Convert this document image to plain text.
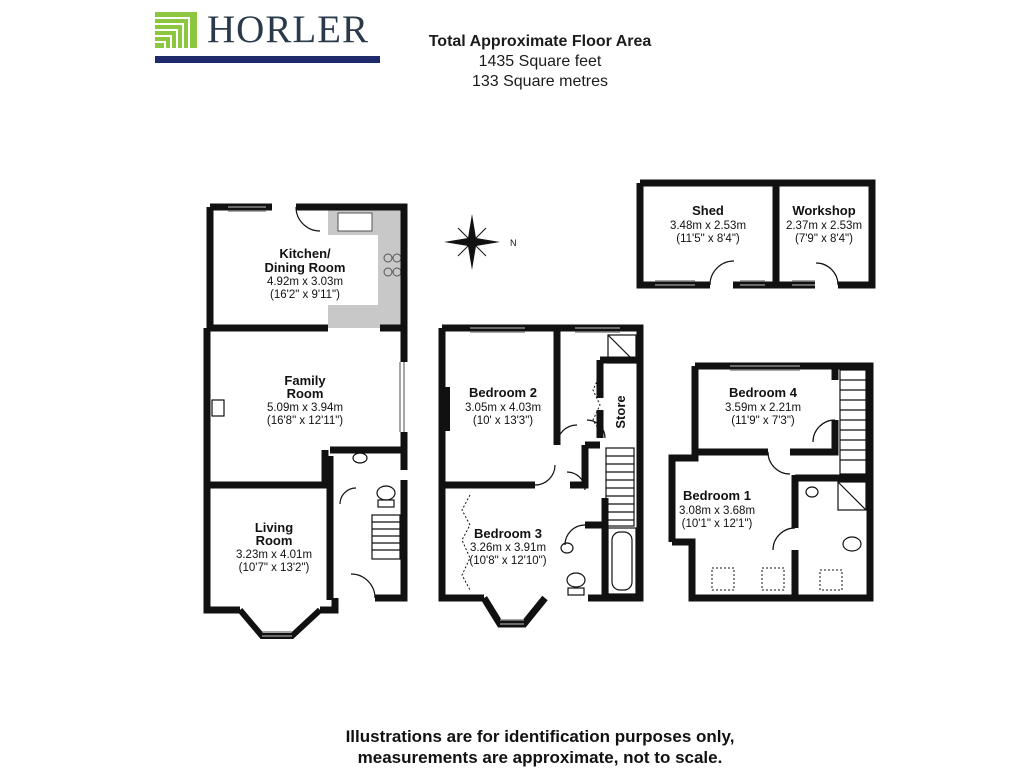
HORLER	Total Approximate Floor Area
1435 Square feet
133 Square metres
N
Kitchen/
Dining Room
4.92m x 3.03m
(16'2" x 9'11")
Family
Room
5.09m x 3.94m
(16'8" x 12'11")
Living
Room
3.23m x 4.01m
(10'7" x 13'2")
Bedroom 2
3.05m x 4.03m
(10' x 13'3")
Bedroom 3
3.26m x 3.91m
(10'8" x 12'10")
Store
Shed
3.48m x 2.53m
(11'5" x 8'4")
Workshop
2.37m x 2.53m
(7'9" x 8'4")
Bedroom 4
3.59m x 2.21m
(11'9" x 7'3")
Bedroom 1
3.08m x 3.68m
(10'1" x 12'1")
Illustrations are for identification purposes only,
measurements are approximate, not to scale.
